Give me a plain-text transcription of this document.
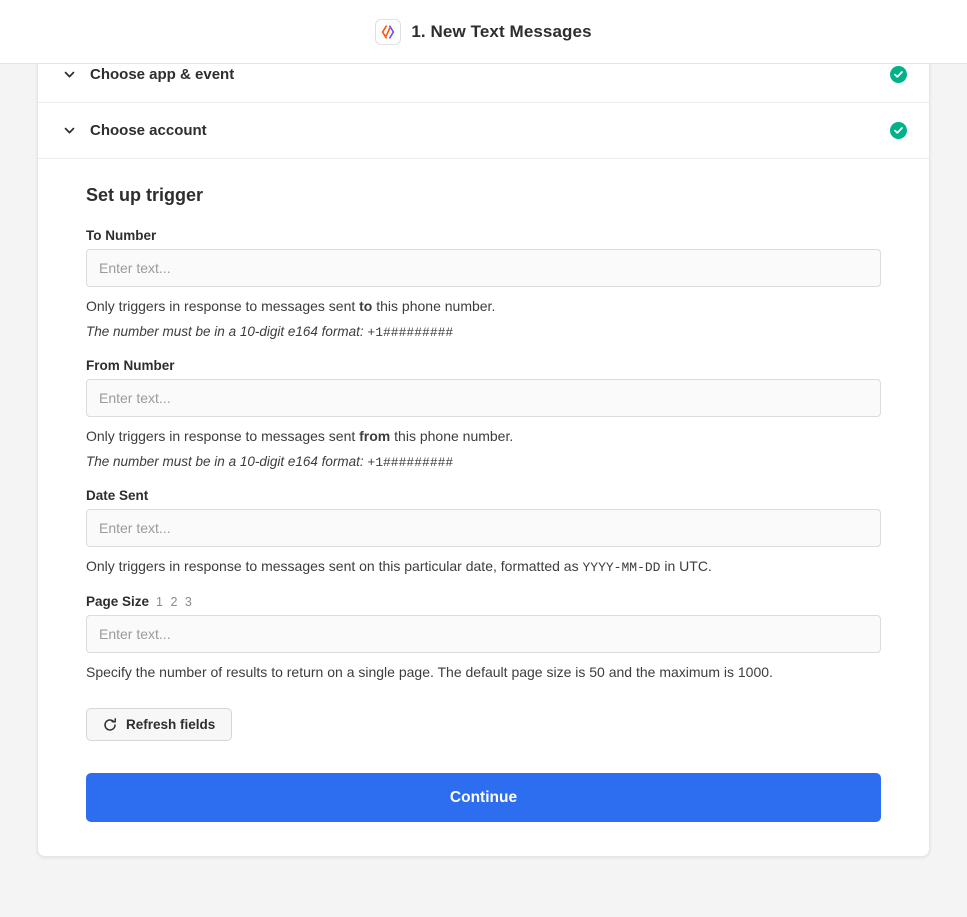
1. New Text Messages
Choose app & event
Choose account
Set up trigger
To Number
Enter text...

Only triggers in response to messages sent to this phone number.

The number must be in a 10-digit e164 format: +1#########

From Number
Enter text...

Only triggers in response to messages sent from this phone number.

The number must be in a 10-digit e164 format: +1#########

Date Sent
Enter text...

Only triggers in response to messages sent on this particular date, formatted as YYYY-MM-DD in UTC.

Page Size 1 2 3
Enter text...

Specify the number of results to return on a single page. The default page size is 50 and the maximum is 1000.

Refresh fields
Continue
